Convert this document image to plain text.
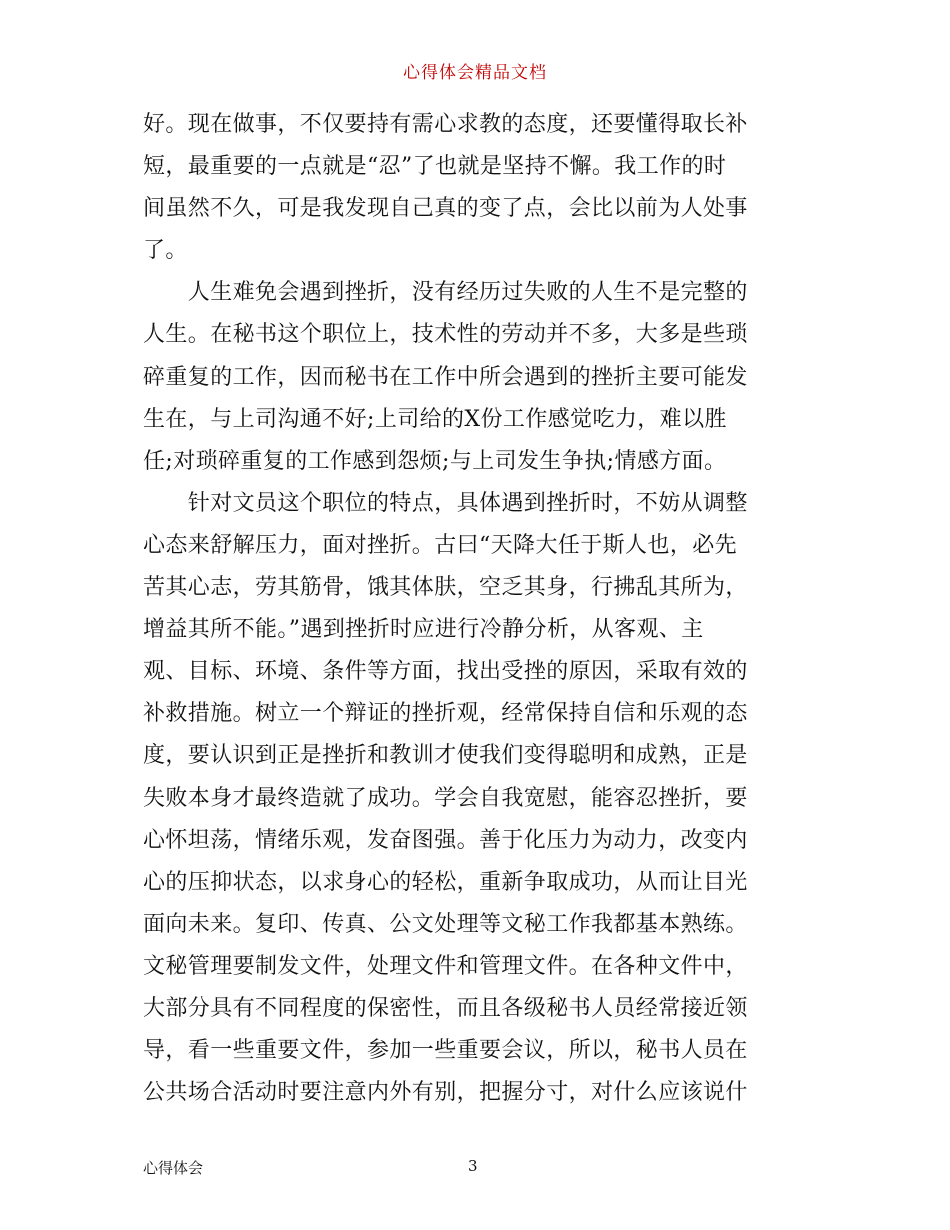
心得体会精品文档

好。现在做事，不仅要持有需心求教的态度，还要懂得取长补

短，最重要的一点就是“忍”了也就是坚持不懈。我工作的时

间虽然不久，可是我发现自己真的变了点，会比以前为人处事

了。

　　人生难免会遇到挫折，没有经历过失败的人生不是完整的

人生。在秘书这个职位上，技术性的劳动并不多，大多是些琐

碎重复的工作，因而秘书在工作中所会遇到的挫折主要可能发

生在，与上司沟通不好;上司给的X份工作感觉吃力，难以胜

任;对琐碎重复的工作感到怨烦;与上司发生争执;情感方面。

　　针对文员这个职位的特点，具体遇到挫折时，不妨从调整

心态来舒解压力，面对挫折。古曰“天降大任于斯人也，必先

苦其心志，劳其筋骨，饿其体肤，空乏其身，行拂乱其所为，

增益其所不能。”遇到挫折时应进行冷静分析，从客观、主

观、目标、环境、条件等方面，找出受挫的原因，采取有效的

补救措施。树立一个辩证的挫折观，经常保持自信和乐观的态

度，要认识到正是挫折和教训才使我们变得聪明和成熟，正是

失败本身才最终造就了成功。学会自我宽慰，能容忍挫折，要

心怀坦荡，情绪乐观，发奋图强。善于化压力为动力，改变内

心的压抑状态，以求身心的轻松，重新争取成功，从而让目光

面向未来。复印、传真、公文处理等文秘工作我都基本熟练。

文秘管理要制发文件，处理文件和管理文件。在各种文件中，

大部分具有不同程度的保密性，而且各级秘书人员经常接近领

导，看一些重要文件，参加一些重要会议，所以，秘书人员在

公共场合活动时要注意内外有别，把握分寸，对什么应该说什

心得体会	3
